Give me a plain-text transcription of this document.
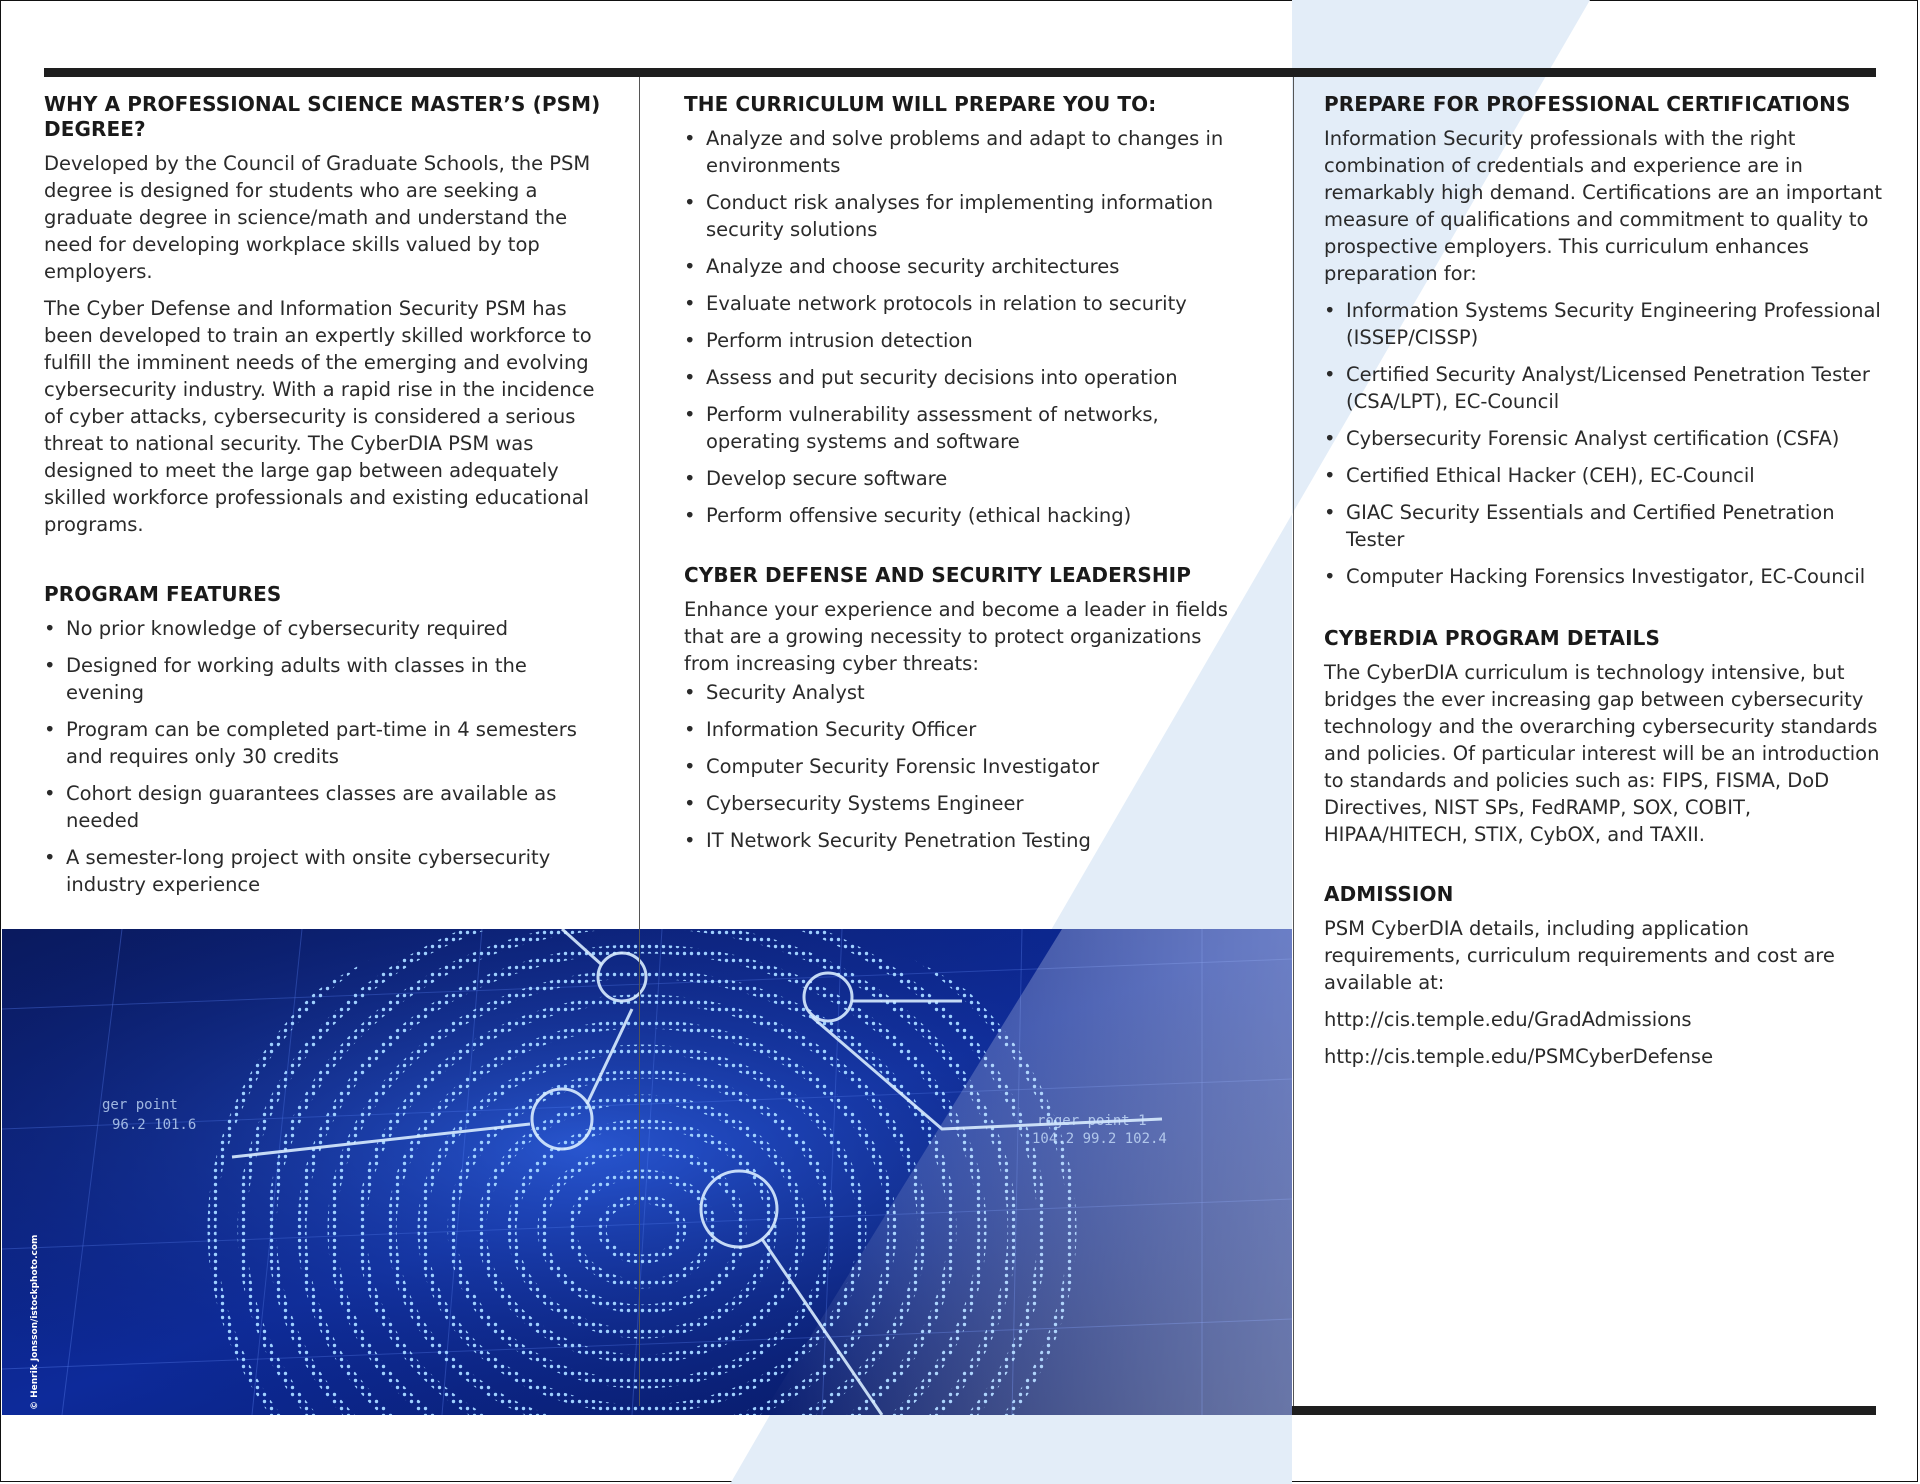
roger point 1
104.2 99.2 102.4
ger point
96.2 101.6
© Henrik Jonsson/istockphoto.com
WHY A PROFESSIONAL SCIENCE MASTER’S (PSM) DEGREE?

Developed by the Council of Graduate Schools, the PSM degree is designed for students who are seeking a graduate degree in science/math and understand the need for developing workplace skills valued by top employers.

The Cyber Defense and Information Security PSM has been developed to train an expertly skilled workforce to fulfill the imminent needs of the emerging and evolving cybersecurity industry. With a rapid rise in the incidence of cyber attacks, cybersecurity is considered a serious threat to national security. The CyberDIA PSM was designed to meet the large gap between adequately skilled workforce professionals and existing educational programs.

PROGRAM FEATURES
• No prior knowledge of cybersecurity required
• Designed for working adults with classes in the evening
• Program can be completed part-time in 4 semesters and requires only 30 credits
• Cohort design guarantees classes are available as needed
• A semester-long project with onsite cybersecurity industry experience
THE CURRICULUM WILL PREPARE YOU TO:
• Analyze and solve problems and adapt to changes in environments
• Conduct risk analyses for implementing information security solutions
• Analyze and choose security architectures
• Evaluate network protocols in relation to security
• Perform intrusion detection
• Assess and put security decisions into operation
• Perform vulnerability assessment of networks, operating systems and software
• Develop secure software
• Perform offensive security (ethical hacking)
CYBER DEFENSE AND SECURITY LEADERSHIP

Enhance your experience and become a leader in fields that are a growing necessity to protect organizations from increasing cyber threats:

• Security Analyst
• Information Security Officer
• Computer Security Forensic Investigator
• Cybersecurity Systems Engineer
• IT Network Security Penetration Testing
PREPARE FOR PROFESSIONAL CERTIFICATIONS

Information Security professionals with the right combination of credentials and experience are in remarkably high demand. Certifications are an important measure of qualifications and commitment to quality to prospective employers. This curriculum enhances preparation for:

• Information Systems Security Engineering Professional (ISSEP/CISSP)
• Certified Security Analyst/Licensed Penetration Tester (CSA/LPT), EC-Council
• Cybersecurity Forensic Analyst certification (CSFA)
• Certified Ethical Hacker (CEH), EC-Council
• GIAC Security Essentials and Certified Penetration Tester
• Computer Hacking Forensics Investigator, EC-Council
CYBERDIA PROGRAM DETAILS

The CyberDIA curriculum is technology intensive, but bridges the ever increasing gap between cybersecurity technology and the overarching cybersecurity standards and policies. Of particular interest will be an introduction to standards and policies such as: FIPS, FISMA, DoD Directives, NIST SPs, FedRAMP, SOX, COBIT, HIPAA/HITECH, STIX, CybOX, and TAXII.

ADMISSION

PSM CyberDIA details, including application requirements, curriculum requirements and cost are available at:

http://cis.temple.edu/GradAdmissions
http://cis.temple.edu/PSMCyberDefense
